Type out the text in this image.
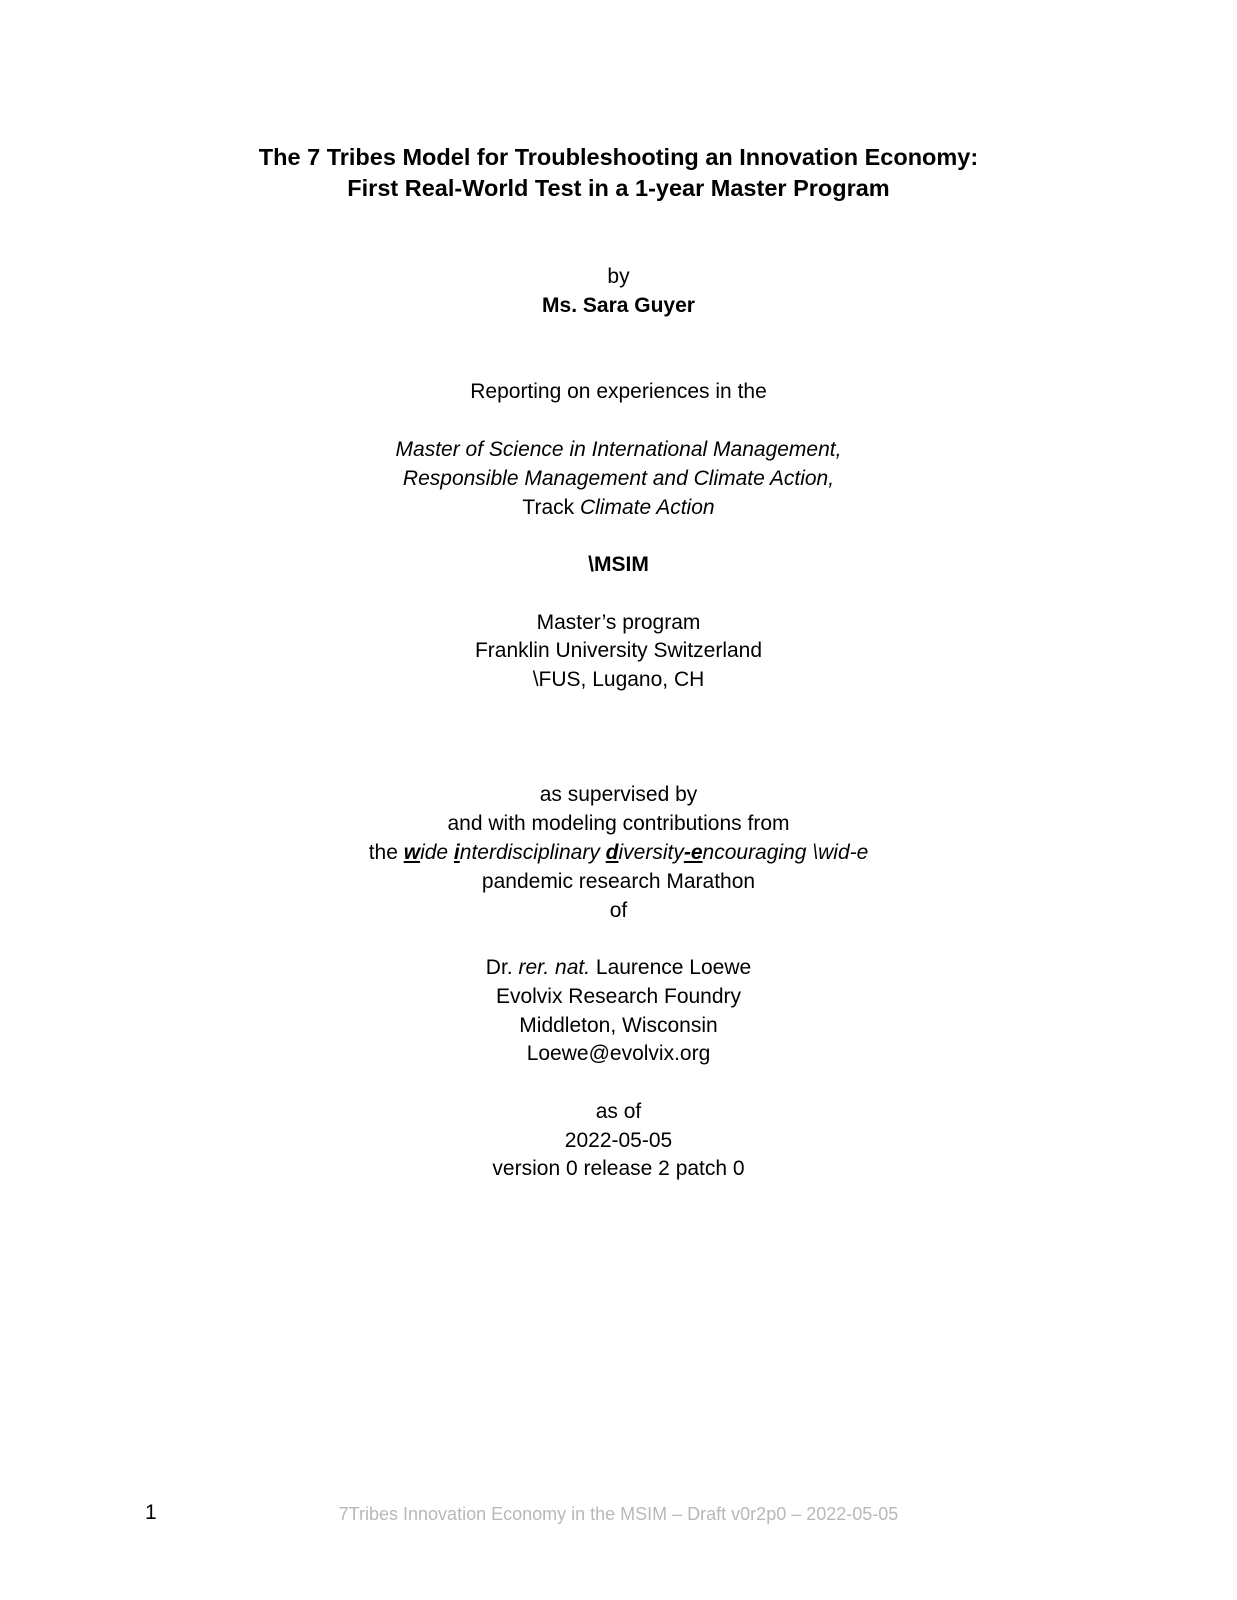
The 7 Tribes Model for Troubleshooting an Innovation Economy:
First Real-World Test in a 1-year Master Program
by
Ms. Sara Guyer
Reporting on experiences in the
Master of Science in International Management,
Responsible Management and Climate Action,
Track Climate Action
\MSIM
Master’s program
Franklin University Switzerland
\FUS, Lugano, CH
as supervised by
and with modeling contributions from
the wide interdisciplinary diversity-encouraging \wid-e
pandemic research Marathon
of
Dr. rer. nat. Laurence Loewe
Evolvix Research Foundry
Middleton, Wisconsin
Loewe@evolvix.org
as of
2022-05-05
version 0 release 2 patch 0
1	7Tribes Innovation Economy in the MSIM – Draft v0r2p0 – 2022-05-05
